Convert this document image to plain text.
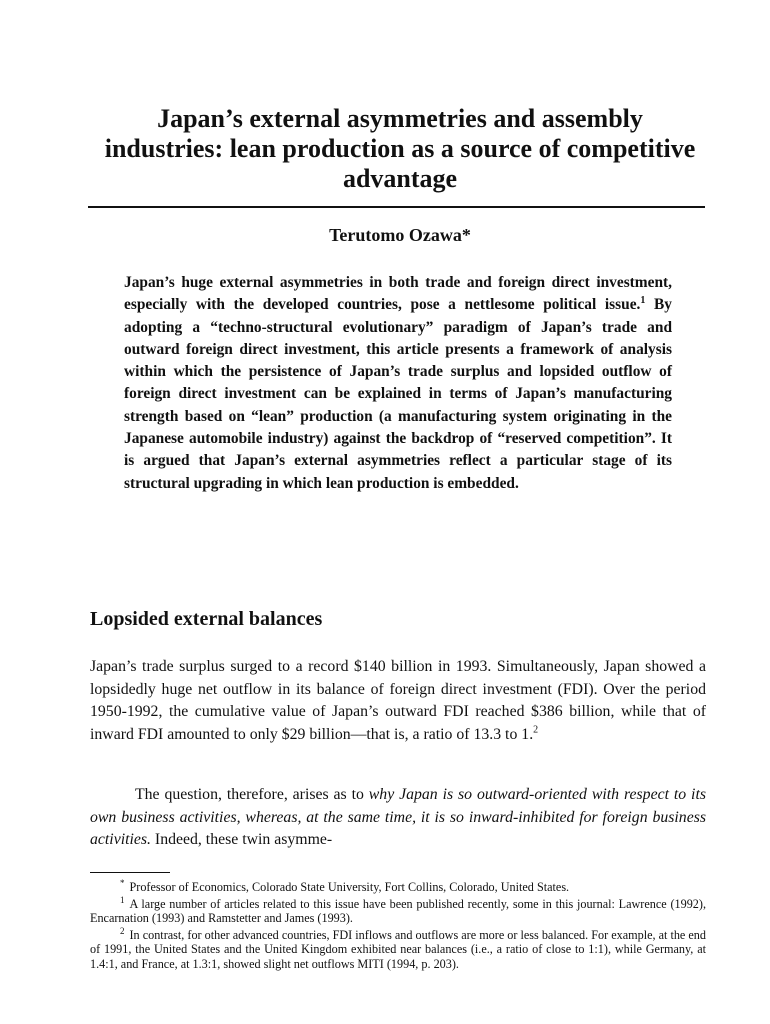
Japan’s external asymmetries and assembly industries: lean production as a source of competitive advantage

Terutomo Ozawa*

Japan’s huge external asymmetries in both trade and foreign direct investment, especially with the developed countries, pose a nettlesome political issue.$^1$ By adopting a “techno-structural evolutionary” paradigm of Japan’s trade and outward foreign direct investment, this article presents a framework of analysis within which the persistence of Japan’s trade surplus and lopsided outflow of foreign direct investment can be explained in terms of Japan’s manufacturing strength based on “lean” production (a manufacturing system originating in the Japanese automobile industry) against the backdrop of “reserved competition”. It is argued that Japan’s external asymmetries reflect a particular stage of its structural upgrading in which lean production is embedded.

Lopsided external balances

Japan’s trade surplus surged to a record $140 billion in 1993. Simultaneously, Japan showed a lopsidedly huge net outflow in its balance of foreign direct investment (FDI). Over the period 1950-1992, the cumulative value of Japan’s outward FDI reached $386 billion, while that of inward FDI amounted to only $29 billion—that is, a ratio of 13.3 to 1.$^2$

The question, therefore, arises as to why Japan is so outward-oriented with respect to its own business activities, whereas, at the same time, it is so inward-inhibited for foreign business activities. Indeed, these twin asymme-

* Professor of Economics, Colorado State University, Fort Collins, Colorado, United States.

$^1$ A large number of articles related to this issue have been published recently, some in this journal: Lawrence (1992), Encarnation (1993) and Ramstetter and James (1993).

$^2$ In contrast, for other advanced countries, FDI inflows and outflows are more or less balanced. For example, at the end of 1991, the United States and the United Kingdom exhibited near balances (i.e., a ratio of close to 1:1), while Germany, at 1.4:1, and France, at 1.3:1, showed slight net outflows MITI (1994, p. 203).
